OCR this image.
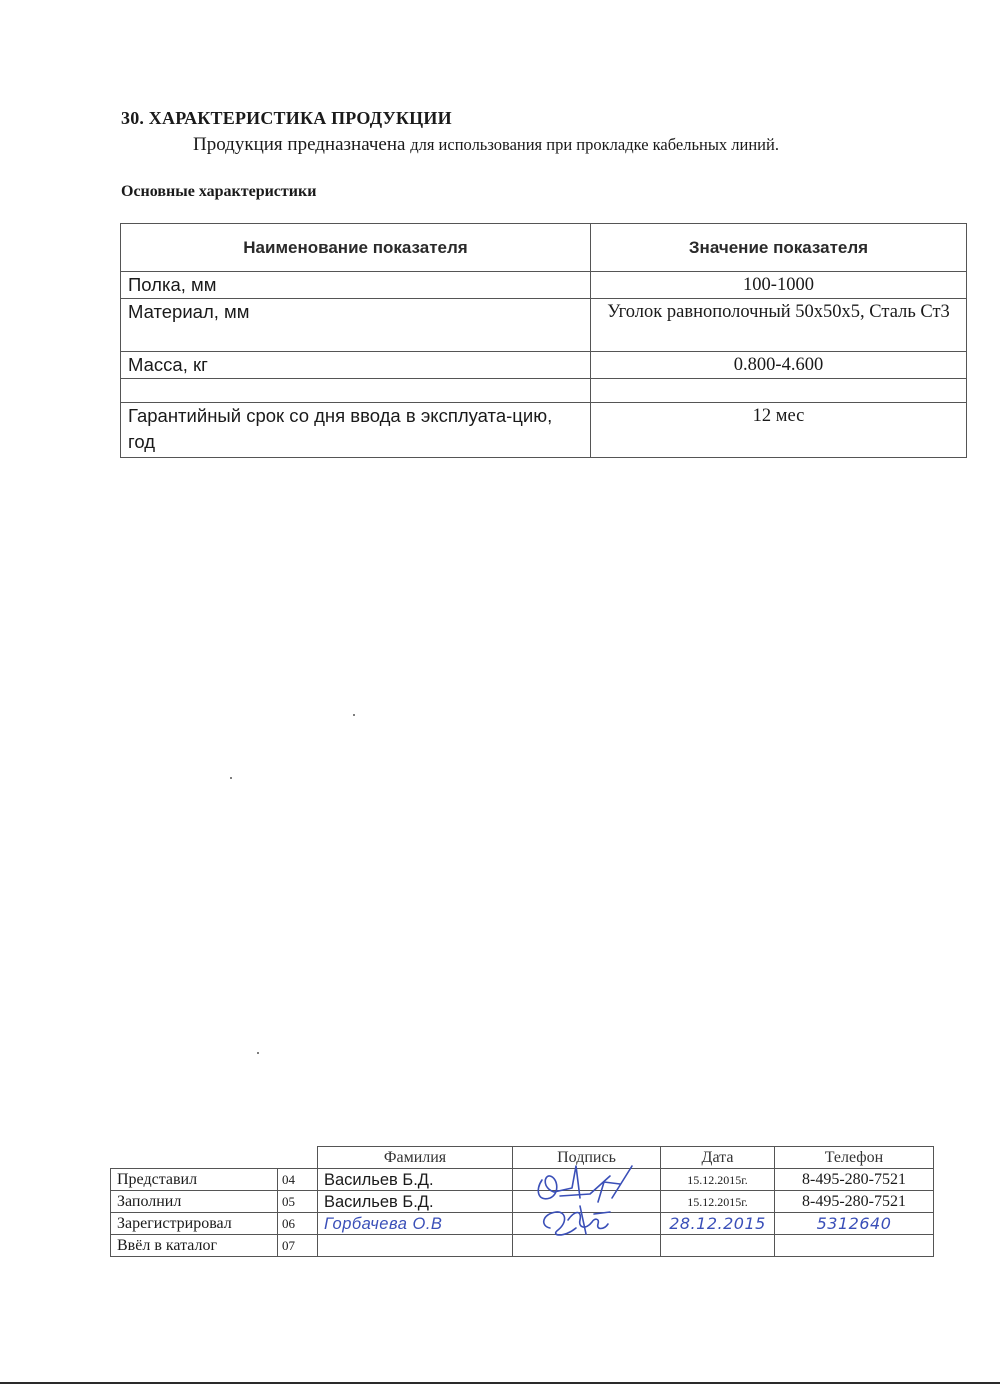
30. ХАРАКТЕРИСТИКА ПРОДУКЦИИ
Продукция предназначена для использования при прокладке кабельных линий.
Основные характеристики
Наименование показателя	Значение показателя
Полка, мм	100-1000
Материал, мм	Уголок равнополочный 50x50x5, Сталь Ст3
Масса, кг	0.800-4.600

Гарантийный срок со дня ввода в эксплуата-цию, год	12 мес
		Фамилия	Подпись	Дата	Телефон
Представил	04	Васильев Б.Д.		15.12.2015г.	8-495-280-7521
Заполнил	05	Васильев Б.Д.		15.12.2015г.	8-495-280-7521
Зарегистрировал	06	Горбачева О.В		28.12.2015	5312640
Ввёл в каталог	07				
